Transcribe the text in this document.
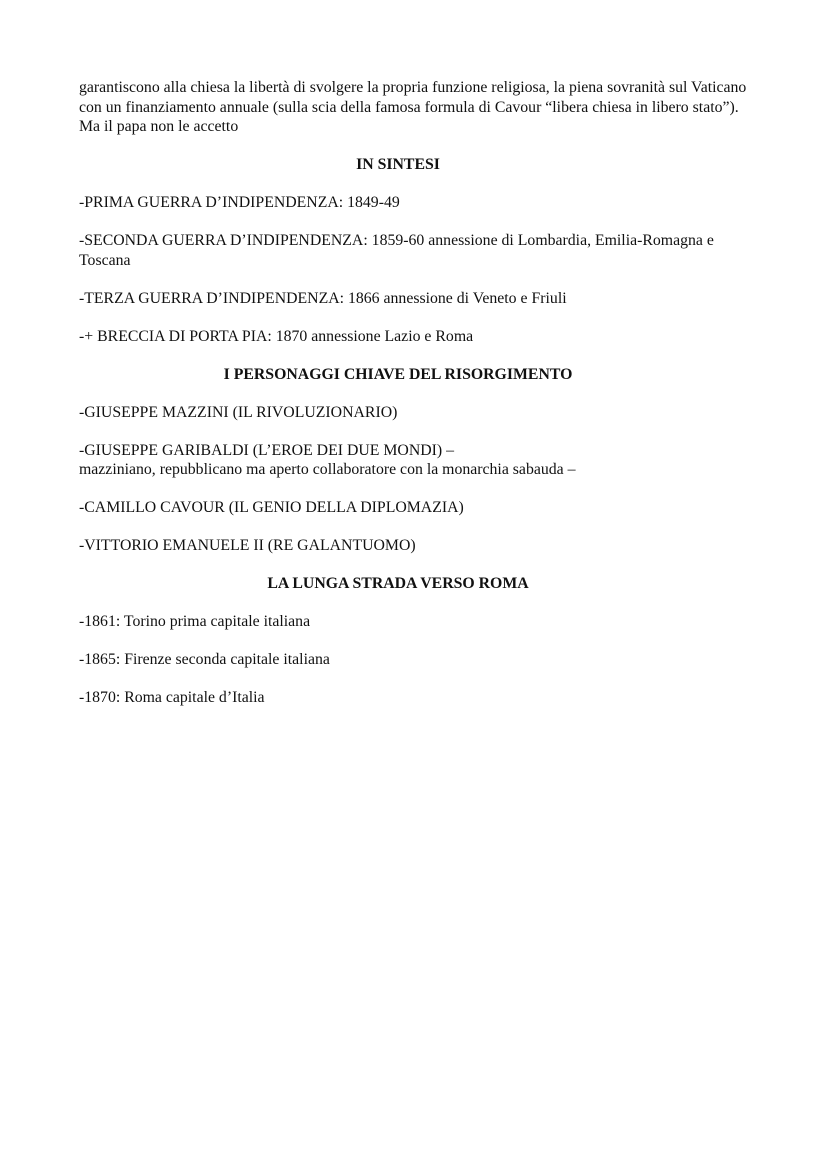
garantiscono alla chiesa la libertà di svolgere la propria funzione religiosa, la piena sovranità sul Vaticano con un finanziamento annuale (sulla scia della famosa formula di Cavour “libera chiesa in libero stato”). Ma il papa non le accetto

IN SINTESI

-PRIMA GUERRA D’INDIPENDENZA: 1849-49

-SECONDA GUERRA D’INDIPENDENZA: 1859-60 annessione di Lombardia, Emilia-Romagna e Toscana

-TERZA GUERRA D’INDIPENDENZA: 1866 annessione di Veneto e Friuli

-+ BRECCIA DI PORTA PIA: 1870 annessione Lazio e Roma

I PERSONAGGI CHIAVE DEL RISORGIMENTO

-GIUSEPPE MAZZINI (IL RIVOLUZIONARIO)

-GIUSEPPE GARIBALDI (L’EROE DEI DUE MONDI) –
mazziniano, repubblicano ma aperto collaboratore con la monarchia sabauda –

-CAMILLO CAVOUR (IL GENIO DELLA DIPLOMAZIA)

-VITTORIO EMANUELE II (RE GALANTUOMO)

LA LUNGA STRADA VERSO ROMA

-1861: Torino prima capitale italiana

-1865: Firenze seconda capitale italiana

-1870: Roma capitale d’Italia
